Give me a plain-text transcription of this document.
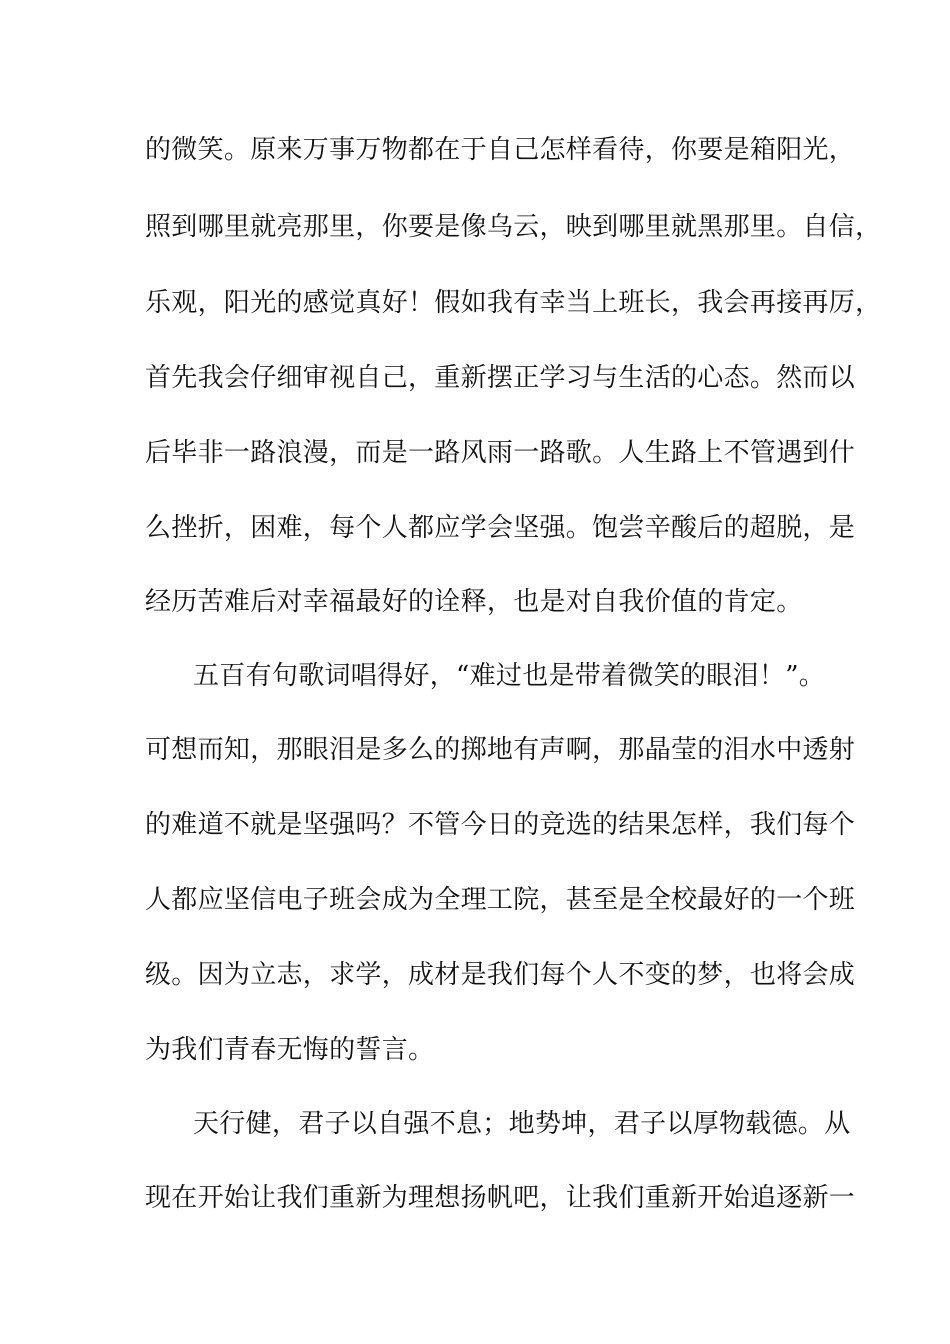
的微笑。原来万事万物都在于自己怎样看待，你要是箱阳光，
照到哪里就亮那里，你要是像乌云，映到哪里就黑那里。自信，
乐观，阳光的感觉真好！假如我有幸当上班长，我会再接再厉，
首先我会仔细审视自己，重新摆正学习与生活的心态。然而以
后毕非一路浪漫，而是一路风雨一路歌。人生路上不管遇到什
么挫折，困难，每个人都应学会坚强。饱尝辛酸后的超脱，是
经历苦难后对幸福最好的诠释，也是对自我价值的肯定。
五百有句歌词唱得好，“难过也是带着微笑的眼泪！”。
可想而知，那眼泪是多么的掷地有声啊，那晶莹的泪水中透射
的难道不就是坚强吗？不管今日的竞选的结果怎样，我们每个
人都应坚信电子班会成为全理工院，甚至是全校最好的一个班
级。因为立志，求学，成材是我们每个人不变的梦，也将会成
为我们青春无悔的誓言。
天行健，君子以自强不息；地势坤，君子以厚物载德。从
现在开始让我们重新为理想扬帆吧，让我们重新开始追逐新一
